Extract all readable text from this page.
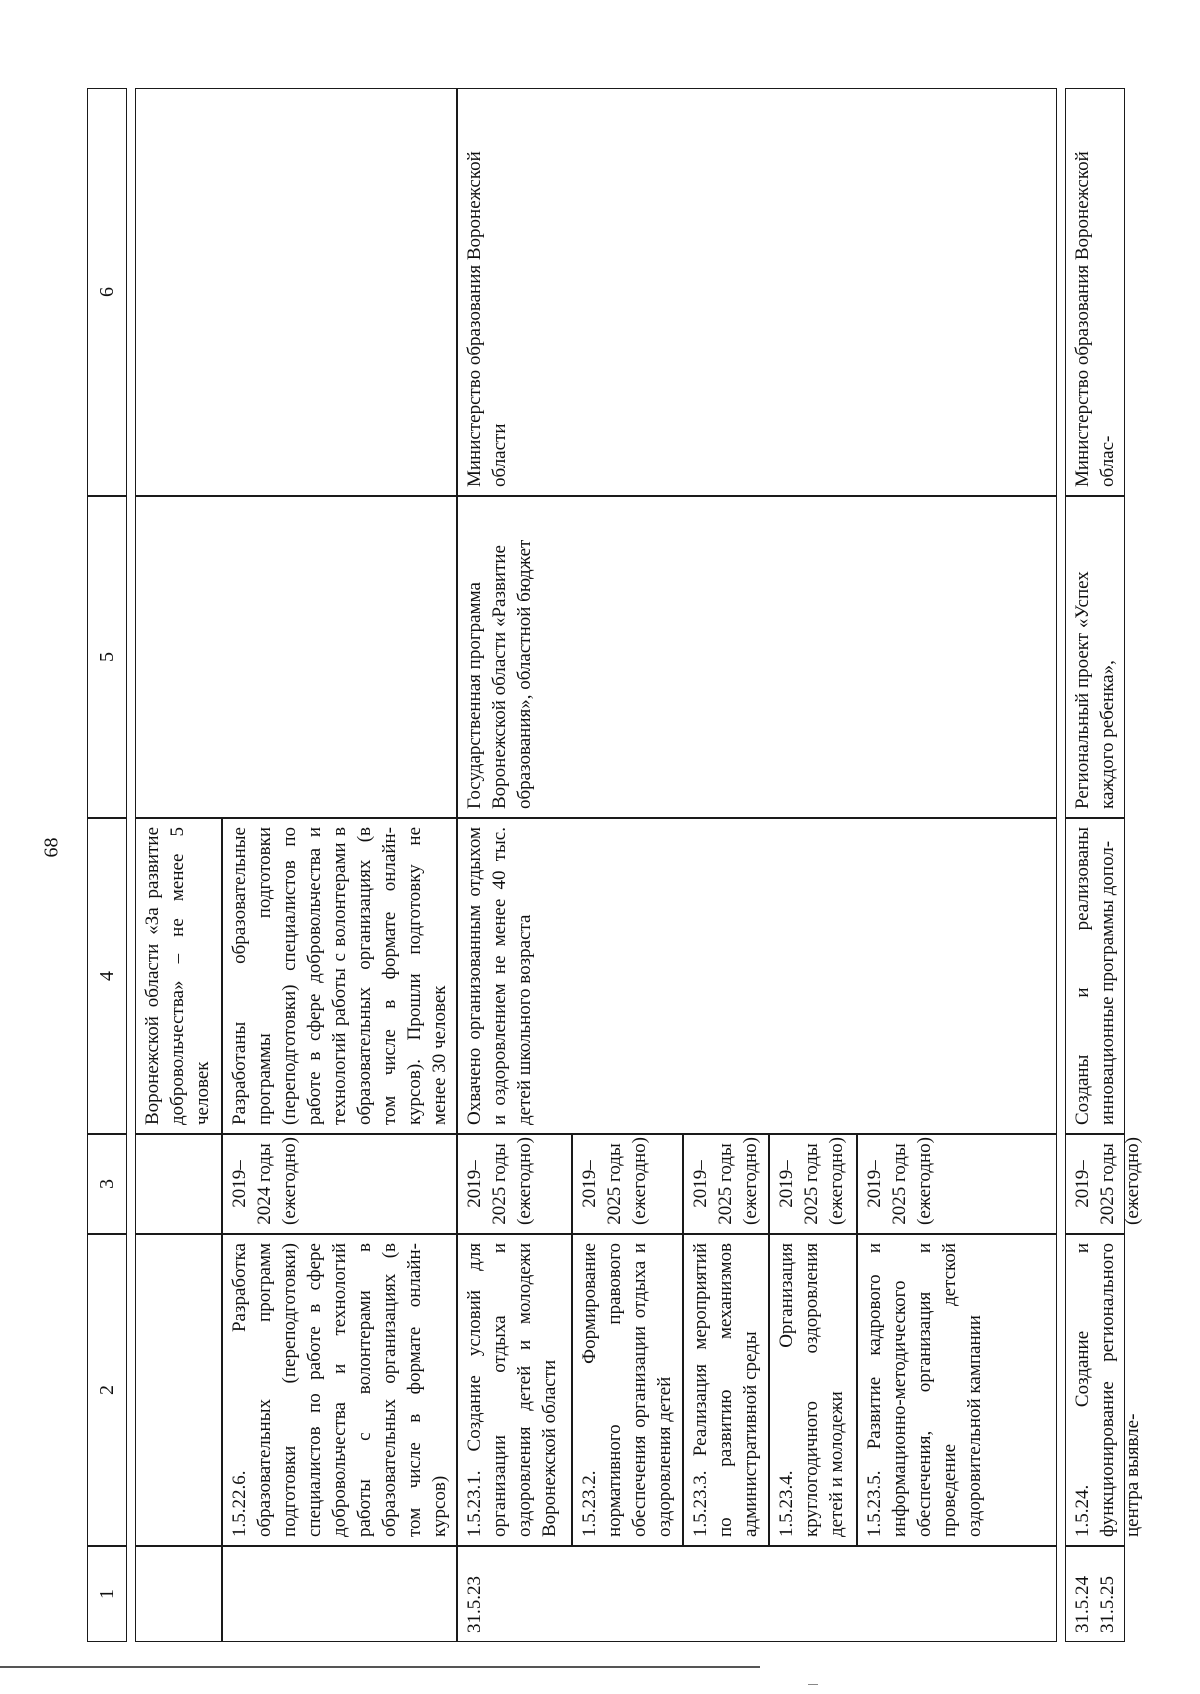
68
1
2
3
4
5
6
Воронежской области «За развитие добровольчества» – не менее 5 человек
1.5.22.6. Разработка образовательных программ подготовки (переподготовки) специалистов по работе в сфере добровольчества и технологий работы с волонтерами в образовательных организациях (в том числе в формате онлайн-курсов)
2019–2024 годы (ежегодно)
Разработаны образовательные программы подготовки (переподготовки) специалистов по работе в сфере добровольчества и технологий работы с волонтерами в образовательных организациях (в том числе в формате онлайн-курсов). Прошли подготовку не менее 30 человек
31.5.23
1.5.23.1. Создание условий для организации отдыха и оздоровления детей и молодежи Воронежской области
2019–2025 годы (ежегодно)
1.5.23.2. Формирование нормативного правового обеспечения организации отдыха и оздоровления детей
2019–2025 годы (ежегодно)
1.5.23.3. Реализация мероприятий по развитию механизмов административной среды
2019–2025 годы (ежегодно)
1.5.23.4. Организация круглогодичного оздоровления детей и молодежи
2019–2025 годы (ежегодно)
1.5.23.5. Развитие кадрового и информационно-методического обеспечения, организация и проведение детской оздоровительной кампании
2019–2025 годы (ежегодно)
Охвачено организованным отдыхом и оздоровлением не менее 40 тыс. детей школьного возраста
Государственная программа Воронежской области «Развитие образования», областной бюджет
Министерство образования Воронежской области
31.5.24 31.5.25
1.5.24. Создание и функционирование регионального центра выявле-
2019–2025 годы (ежегодно)
Созданы и реализованы инновационные программы допол-
Региональный проект «Успех каждого ребенка»,
Министерство образования Воронежской облас-
